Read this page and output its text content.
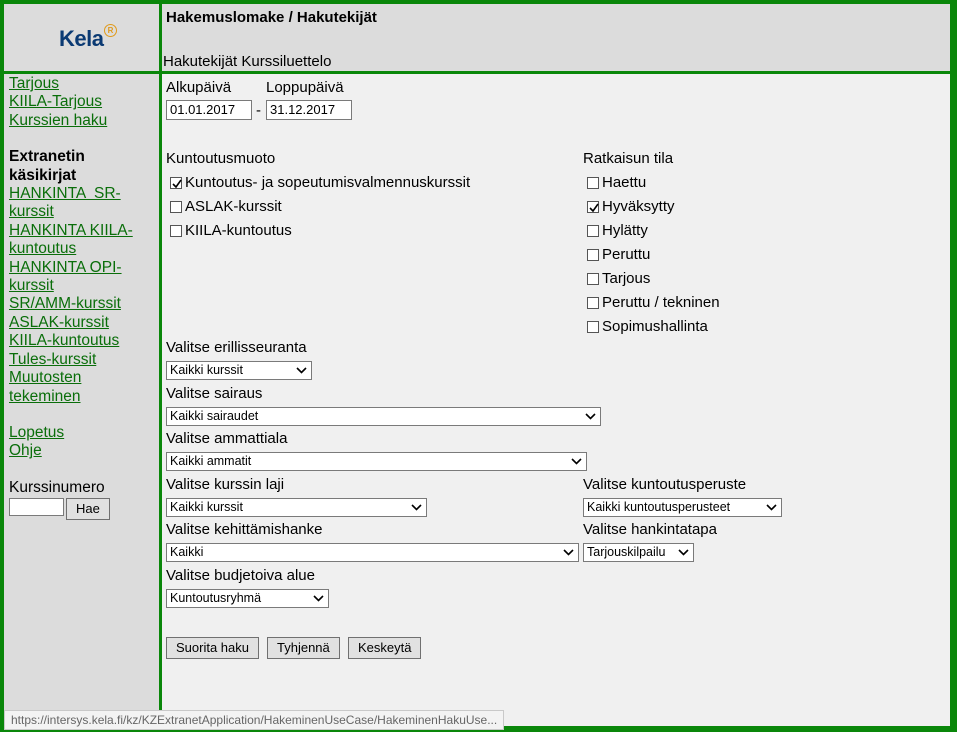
Kela R
Hakemuslomake / Hakutekijät
Hakutekijät Kurssiluettelo
Tarjous
KIILA-Tarjous
Kurssien haku
Extranetin käsikirjat
HANKINTA  SR-kurssit
HANKINTA KIILA-kuntoutus
HANKINTA OPI-kurssit
SR/AMM-kurssit
ASLAK-kurssit
KIILA-kuntoutus
Tules-kurssit
Muutosten tekeminen
Lopetus
Ohje
Kurssinumero
Hae
Alkupäivä Loppupäivä
01.01.2017	- 31.12.2017
Kuntoutusmuoto
Kuntoutus- ja sopeutumisvalmennuskurssit
ASLAK-kurssit
KIILA-kuntoutus
Ratkaisun tila
Haettu
Hyväksytty
Hylätty
Peruttu
Tarjous
Peruttu / tekninen
Sopimushallinta
Valitse erillisseuranta
Kaikki kurssit
Valitse sairaus
Kaikki sairaudet
Valitse ammattiala
Kaikki ammatit
Valitse kurssin laji
Kaikki kurssit
Valitse kuntoutusperuste
Kaikki kuntoutusperusteet
Valitse kehittämishanke
Kaikki
Valitse hankintatapa
Tarjouskilpailu
Valitse budjetoiva alue
Kuntoutusryhmä
Suorita haku	Tyhjennä	Keskeytä
https://intersys.kela.fi/kz/KZExtranetApplication/HakeminenUseCase/HakeminenHakuUse...
